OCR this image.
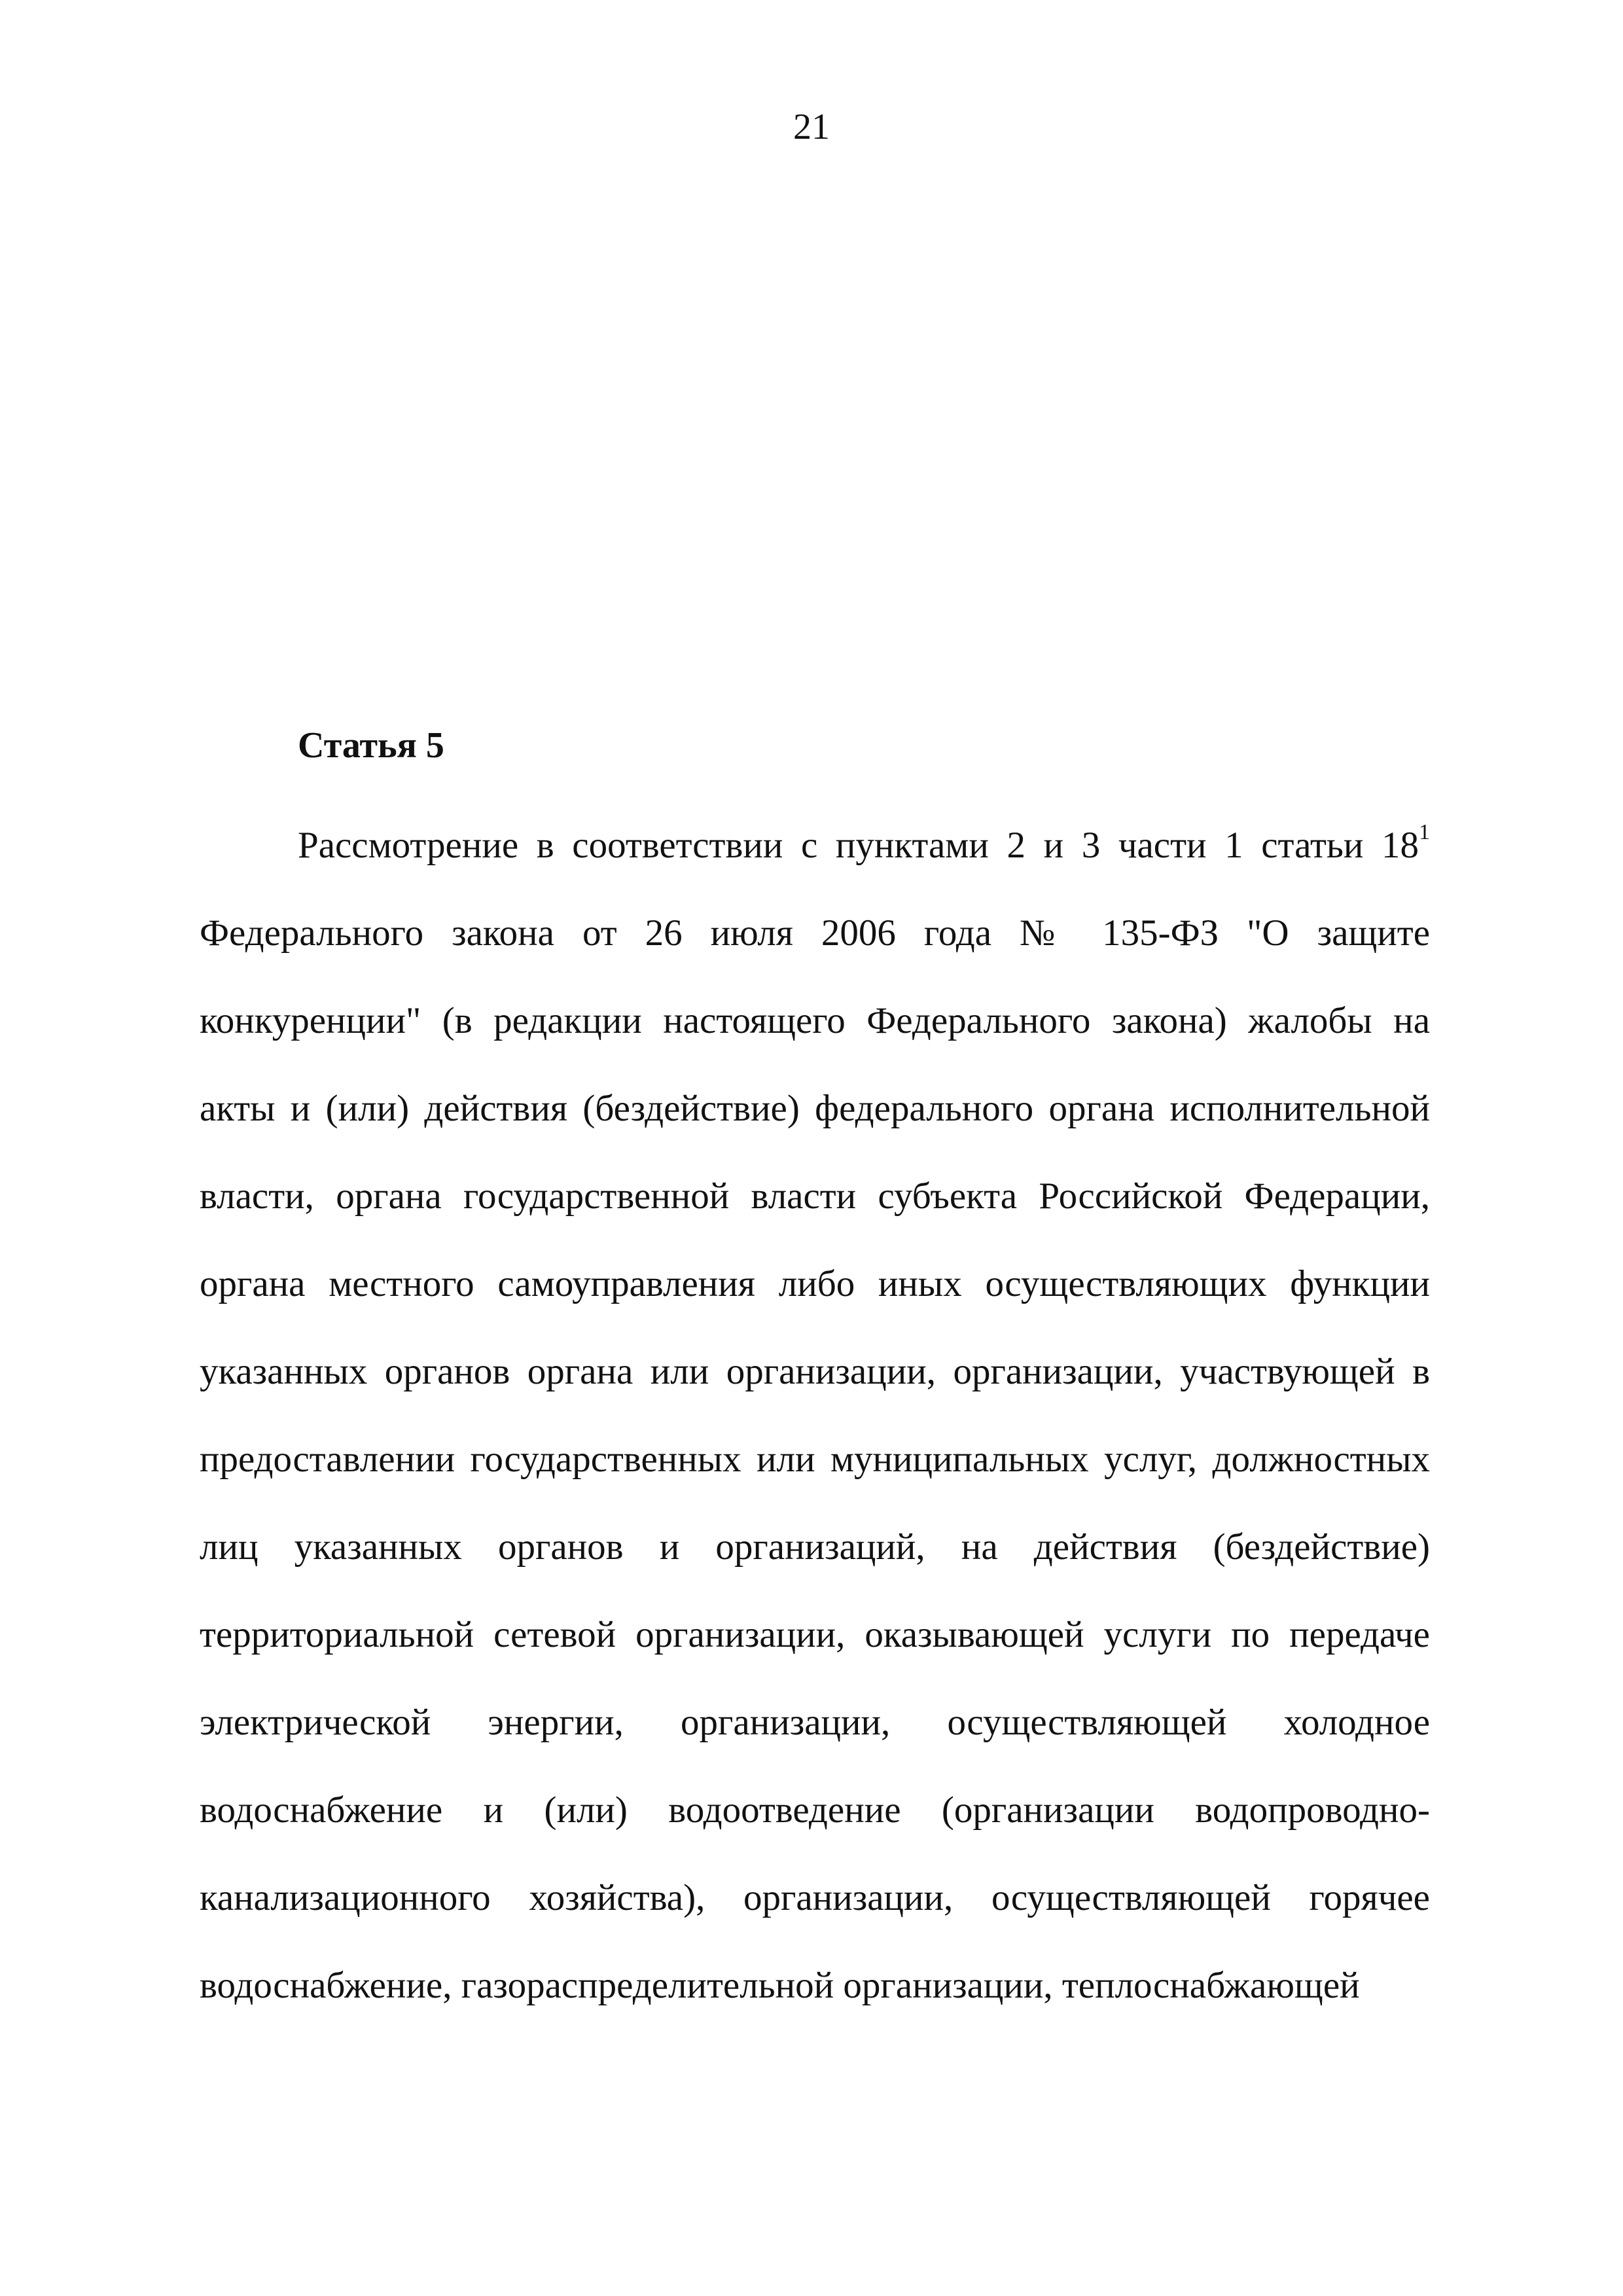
21
Статья 5

Рассмотрение в соответствии с пунктами 2 и 3 части 1 статьи $18^1$ Федерального закона от 26 июля 2006 года № 135-ФЗ "О защите конкуренции" (в редакции настоящего Федерального закона) жалобы на акты и (или) действия (бездействие) федерального органа исполнительной власти, органа государственной власти субъекта Российской Федерации, органа местного самоуправления либо иных осуществляющих функции указанных органов органа или организации, организации, участвующей в предоставлении государственных или муниципальных услуг, должностных лиц указанных органов и организаций, на действия (бездействие) территориальной сетевой организации, оказывающей услуги по передаче электрической энергии, организации, осуществляющей холодное водоснабжение и (или) водоотведение (организации водопроводно-канализационного хозяйства), организации, осуществляющей горячее водоснабжение, газораспределительной организации, теплоснабжающей
